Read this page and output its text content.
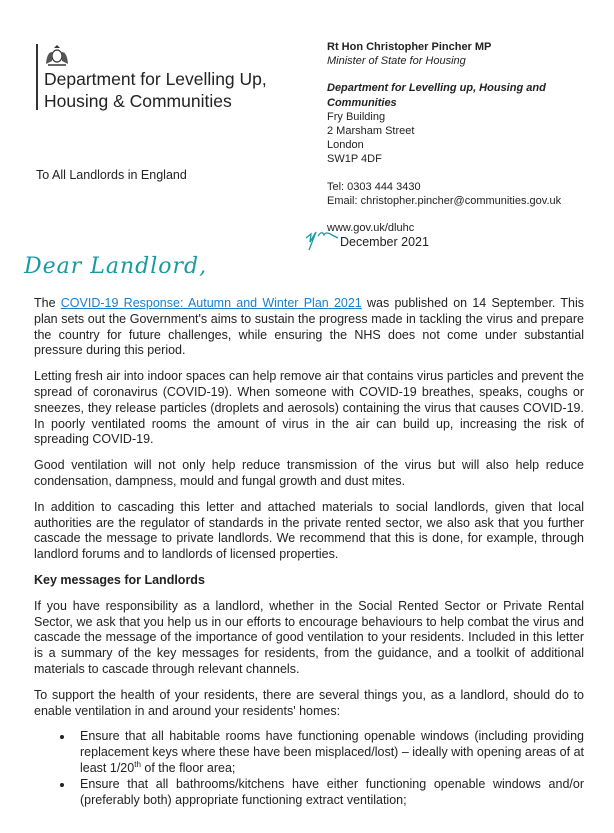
Department for Levelling Up,
Housing & Communities
Rt Hon Christopher Pincher MP
Minister of State for Housing
Department for Levelling up, Housing and
Communities
Fry Building
2 Marsham Street
London
SW1P 4DF
Tel: 0303 444 3430
Email: christopher.pincher@communities.gov.uk
www.gov.uk/dluhc
To All Landlords in England
December 2021
Dear Landlord,

The COVID-19 Response: Autumn and Winter Plan 2021 was published on 14 September. This plan sets out the Government's aims to sustain the progress made in tackling the virus and prepare the country for future challenges, while ensuring the NHS does not come under substantial pressure during this period.

Letting fresh air into indoor spaces can help remove air that contains virus particles and prevent the spread of coronavirus (COVID-19). When someone with COVID-19 breathes, speaks, coughs or sneezes, they release particles (droplets and aerosols) containing the virus that causes COVID-19. In poorly ventilated rooms the amount of virus in the air can build up, increasing the risk of spreading COVID-19.

Good ventilation will not only help reduce transmission of the virus but will also help reduce condensation, dampness, mould and fungal growth and dust mites.

In addition to cascading this letter and attached materials to social landlords, given that local authorities are the regulator of standards in the private rented sector, we also ask that you further cascade the message to private landlords. We recommend that this is done, for example, through landlord forums and to landlords of licensed properties.

Key messages for Landlords

If you have responsibility as a landlord, whether in the Social Rented Sector or Private Rental Sector, we ask that you help us in our efforts to encourage behaviours to help combat the virus and cascade the message of the importance of good ventilation to your residents. Included in this letter is a summary of the key messages for residents, from the guidance, and a toolkit of additional materials to cascade through relevant channels.

To support the health of your residents, there are several things you, as a landlord, should do to enable ventilation in and around your residents' homes:

• Ensure that all habitable rooms have functioning openable windows (including providing replacement keys where these have been misplaced/lost) – ideally with opening areas of at least 1/20th of the floor area;
• Ensure that all bathrooms/kitchens have either functioning openable windows and/or (preferably both) appropriate functioning extract ventilation;
